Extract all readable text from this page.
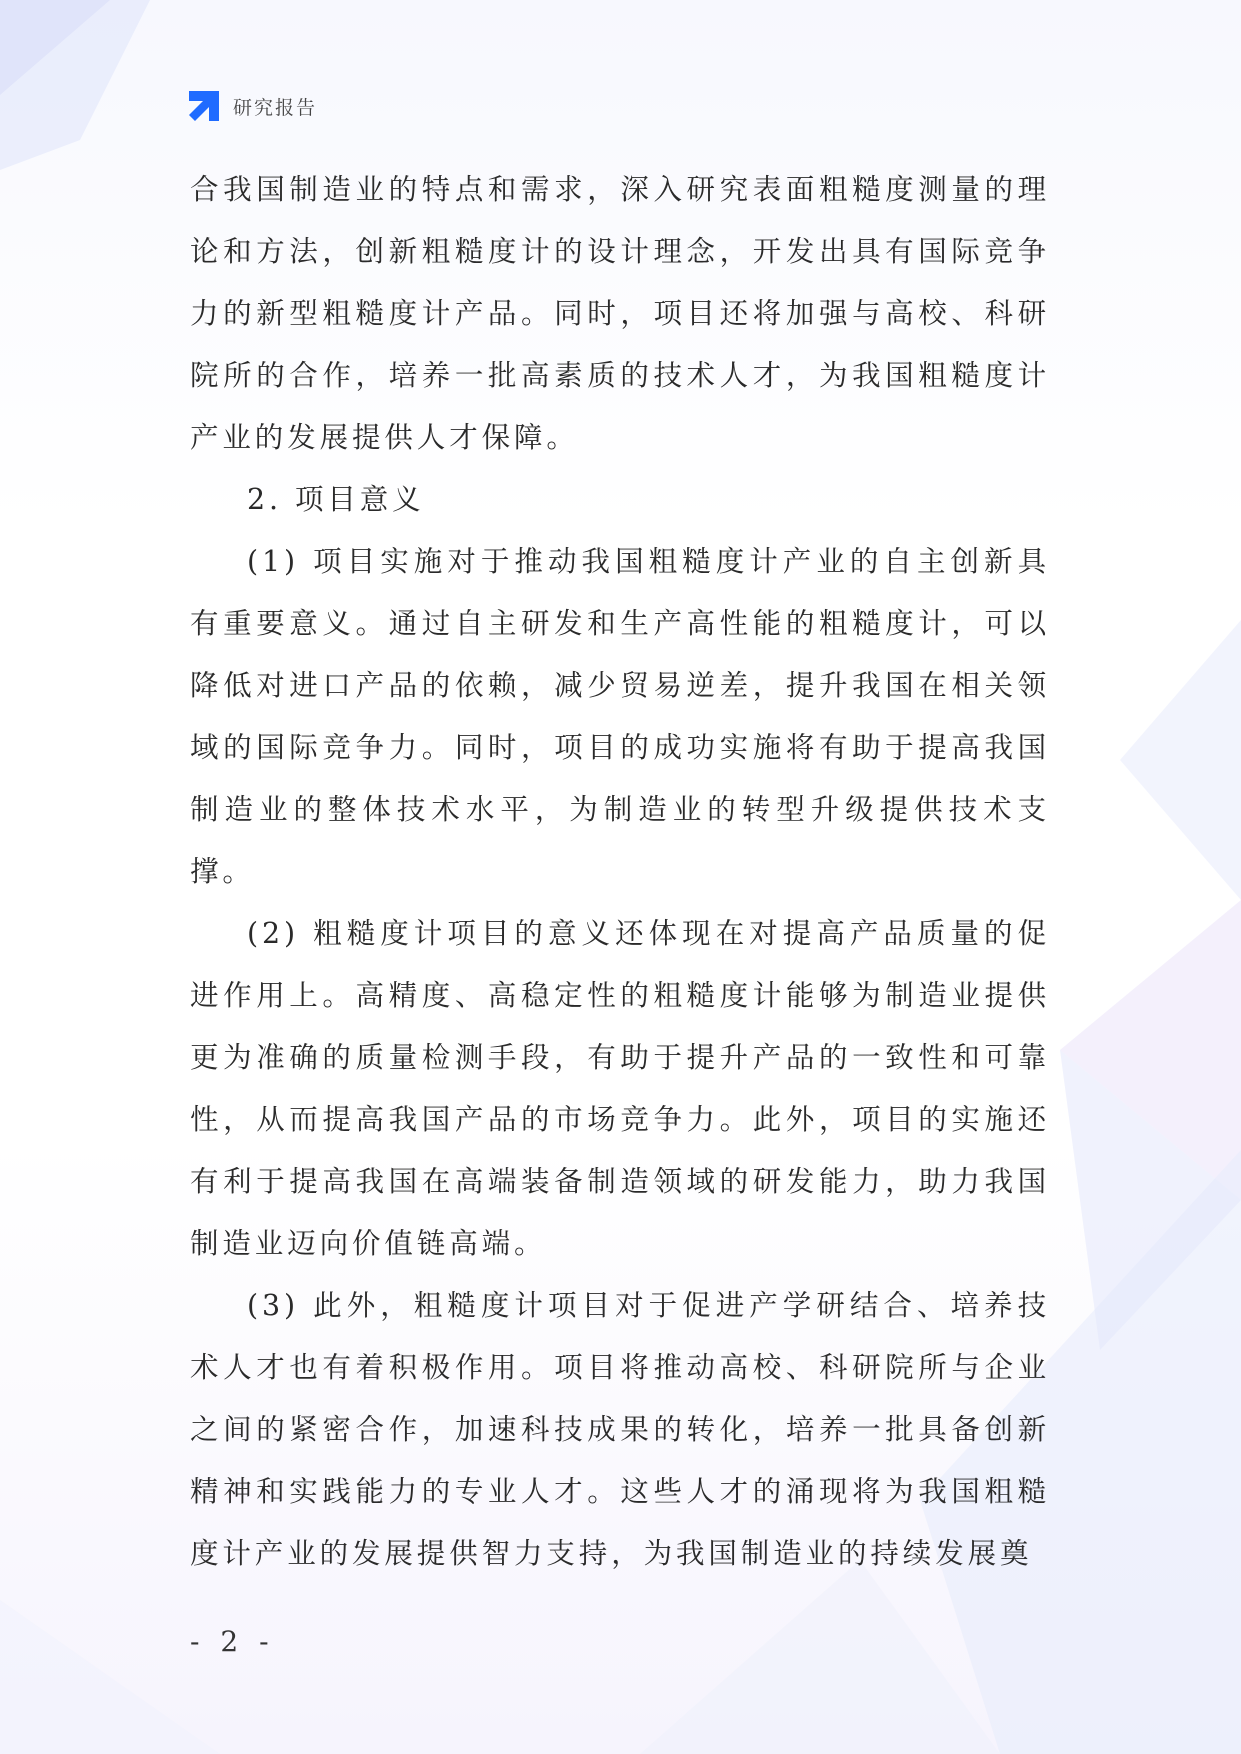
研究报告

合我国制造业的特点和需求，深入研究表面粗糙度测量的理论和方法，创新粗糙度计的设计理念，开发出具有国际竞争力的新型粗糙度计产品。同时，项目还将加强与高校、科研院所的合作，培养一批高素质的技术人才，为我国粗糙度计产业的发展提供人才保障。

2. 项目意义

(1) 项目实施对于推动我国粗糙度计产业的自主创新具有重要意义。通过自主研发和生产高性能的粗糙度计，可以降低对进口产品的依赖，减少贸易逆差，提升我国在相关领域的国际竞争力。同时，项目的成功实施将有助于提高我国制造业的整体技术水平，为制造业的转型升级提供技术支撑。

(2) 粗糙度计项目的意义还体现在对提高产品质量的促进作用上。高精度、高稳定性的粗糙度计能够为制造业提供更为准确的质量检测手段，有助于提升产品的一致性和可靠性，从而提高我国产品的市场竞争力。此外，项目的实施还有利于提高我国在高端装备制造领域的研发能力，助力我国制造业迈向价值链高端。

(3) 此外，粗糙度计项目对于促进产学研结合、培养技术人才也有着积极作用。项目将推动高校、科研院所与企业之间的紧密合作，加速科技成果的转化，培养一批具备创新精神和实践能力的专业人才。这些人才的涌现将为我国粗糙度计产业的发展提供智力支持，为我国制造业的持续发展奠

- 2 -
